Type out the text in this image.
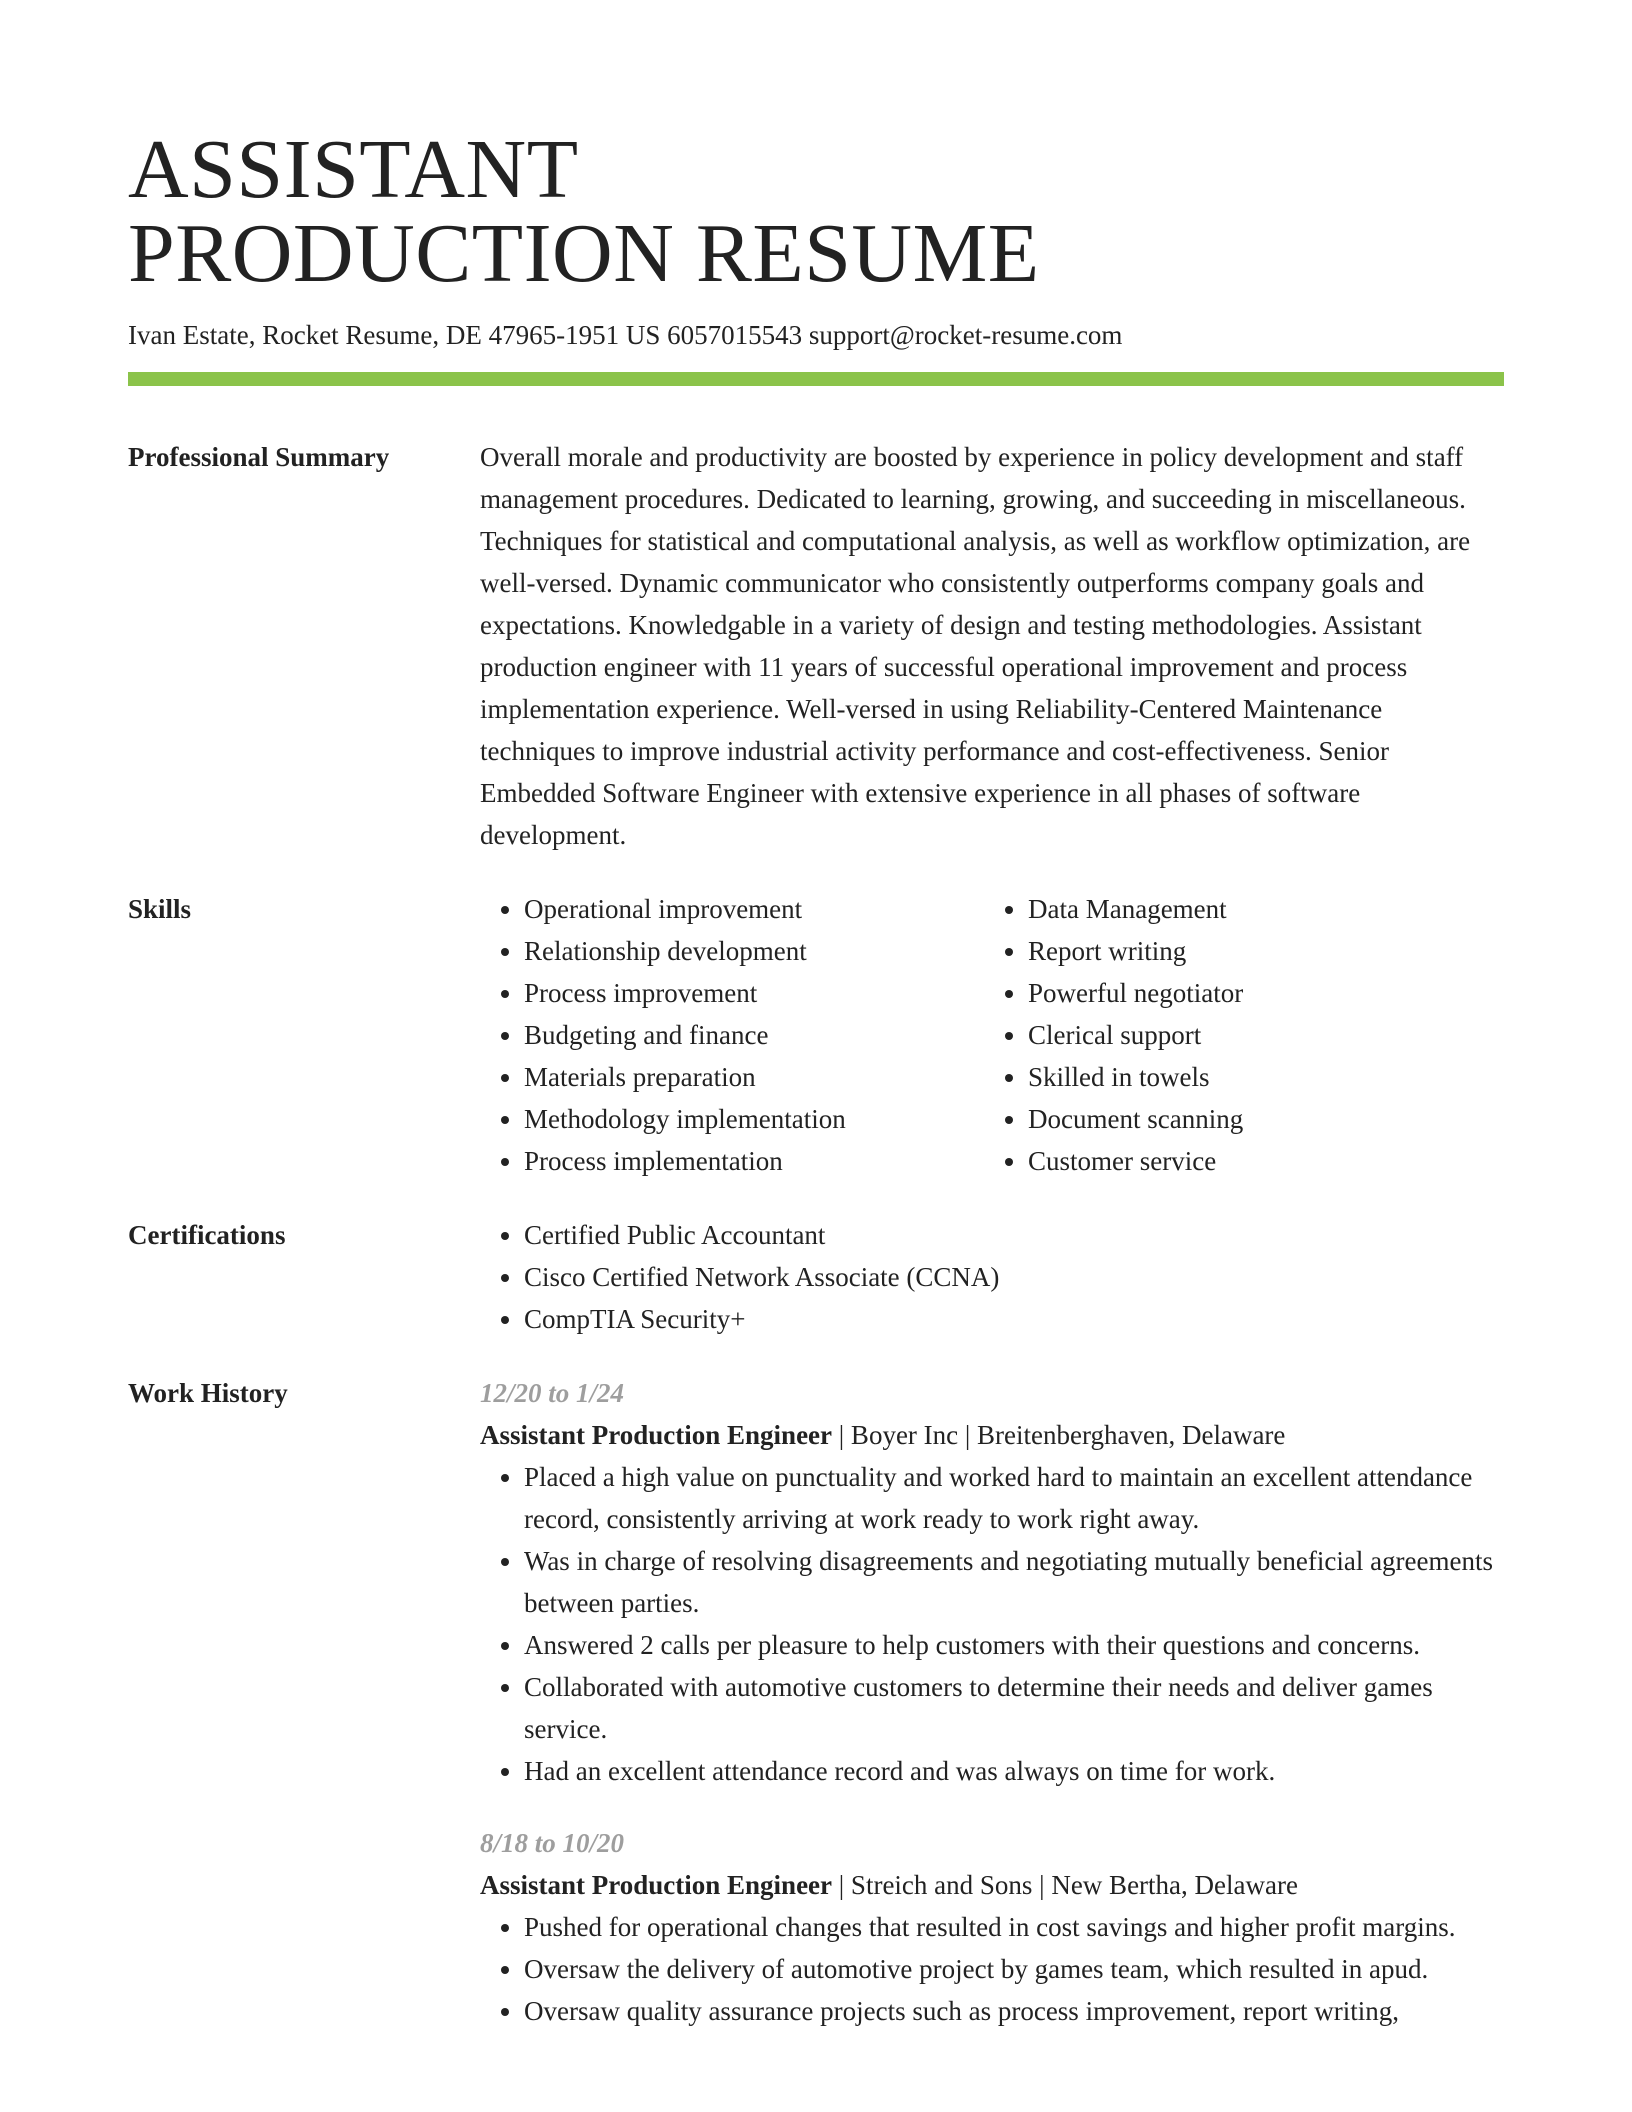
ASSISTANT
PRODUCTION RESUME
Ivan Estate, Rocket Resume, DE 47965-1951 US 6057015543 support@rocket-resume.com
Professional Summary	Overall morale and productivity are boosted by experience in policy development and staff management procedures. Dedicated to learning, growing, and succeeding in miscellaneous. Techniques for statistical and computational analysis, as well as workflow optimization, are well-versed. Dynamic communicator who consistently outperforms company goals and expectations. Knowledgable in a variety of design and testing methodologies. Assistant production engineer with 11 years of successful operational improvement and process implementation experience. Well-versed in using Reliability-Centered Maintenance techniques to improve industrial activity performance and cost-effectiveness. Senior Embedded Software Engineer with extensive experience in all phases of software development.

Skills	• Operational improvement
• Relationship development
• Process improvement
• Budgeting and finance
• Materials preparation
• Methodology implementation
• Process implementation
• Data Management
• Report writing
• Powerful negotiator
• Clerical support
• Skilled in towels
• Document scanning
• Customer service
Certifications	• Certified Public Accountant
• Cisco Certified Network Associate (CCNA)
• CompTIA Security+
Work History	12/20 to 1/24
Assistant Production Engineer | Boyer Inc | Breitenberghaven, Delaware
• Placed a high value on punctuality and worked hard to maintain an excellent attendance record, consistently arriving at work ready to work right away.
• Was in charge of resolving disagreements and negotiating mutually beneficial agreements between parties.
• Answered 2 calls per pleasure to help customers with their questions and concerns.
• Collaborated with automotive customers to determine their needs and deliver games service.
• Had an excellent attendance record and was always on time for work.
8/18 to 10/20
Assistant Production Engineer | Streich and Sons | New Bertha, Delaware
• Pushed for operational changes that resulted in cost savings and higher profit margins.
• Oversaw the delivery of automotive project by games team, which resulted in apud.
• Oversaw quality assurance projects such as process improvement, report writing,
